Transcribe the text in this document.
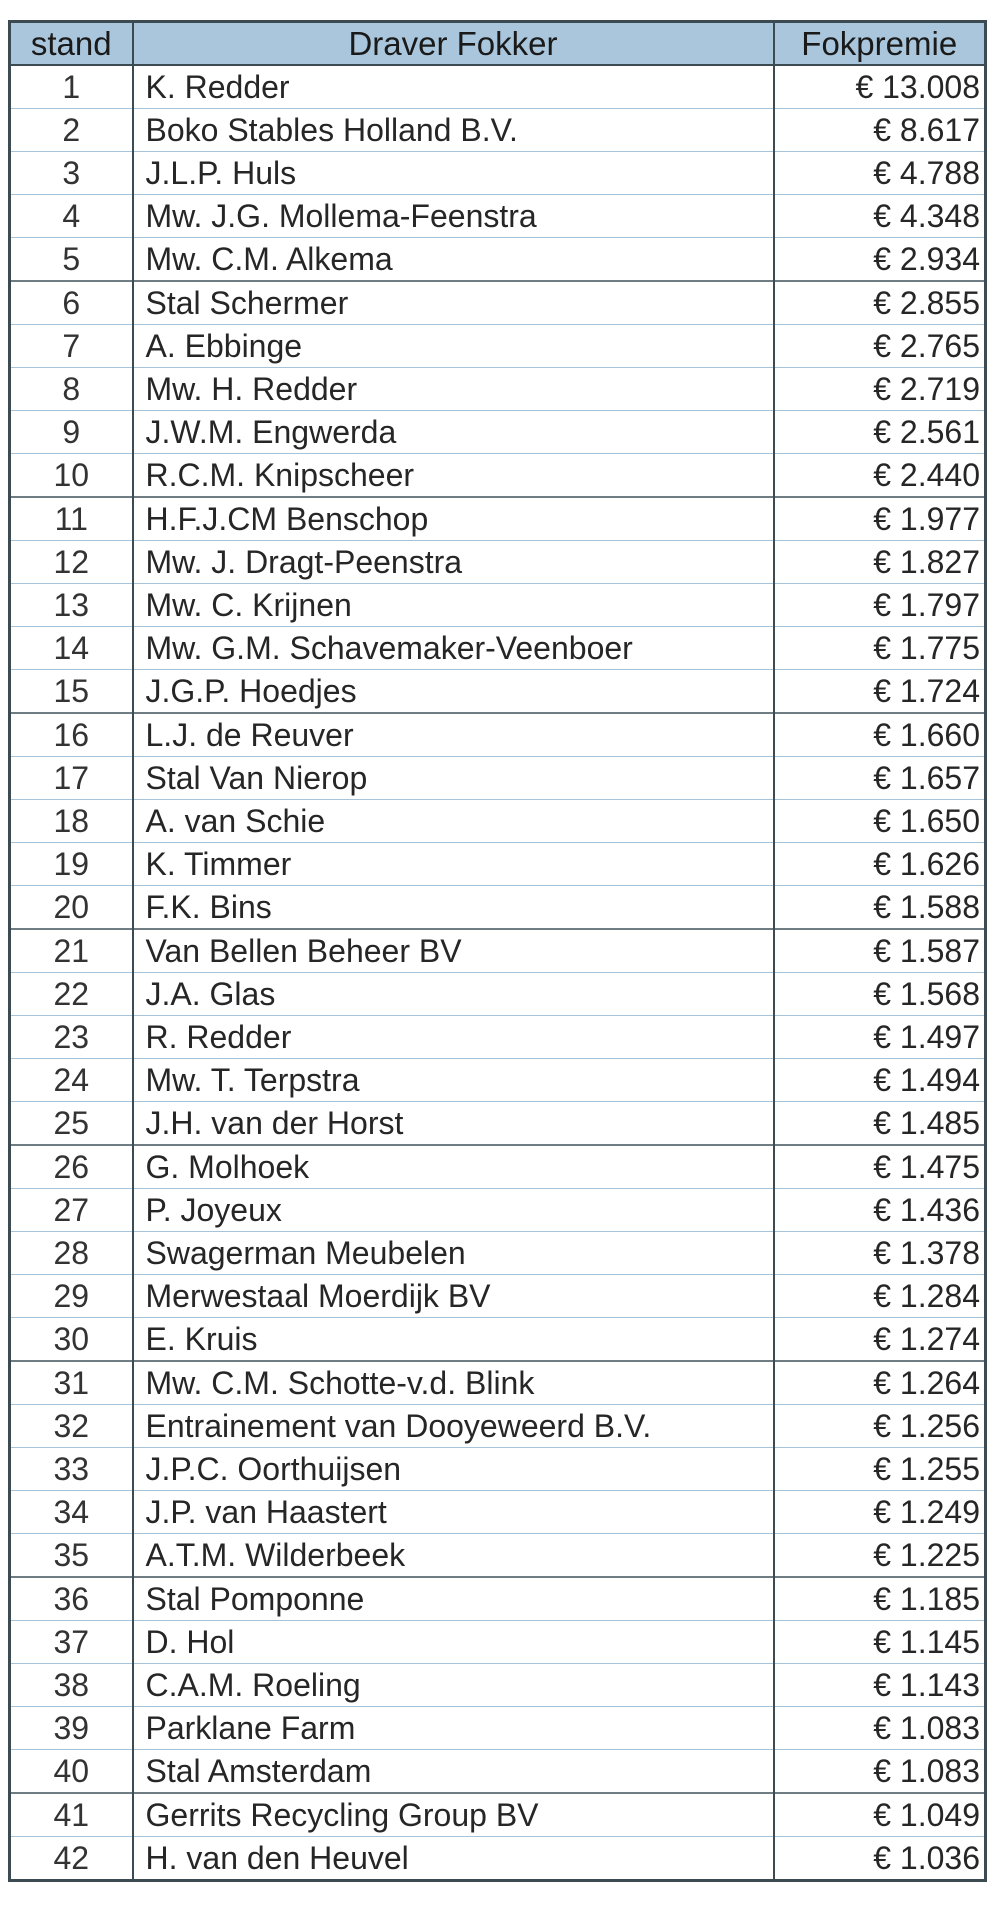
stand	Draver Fokker	Fokpremie
1	K. Redder	€ 13.008
2	Boko Stables Holland B.V.	€ 8.617
3	J.L.P. Huls	€ 4.788
4	Mw. J.G. Mollema-Feenstra	€ 4.348
5	Mw. C.M. Alkema	€ 2.934
6	Stal Schermer	€ 2.855
7	A. Ebbinge	€ 2.765
8	Mw. H. Redder	€ 2.719
9	J.W.M. Engwerda	€ 2.561
10	R.C.M. Knipscheer	€ 2.440
11	H.F.J.CM Benschop	€ 1.977
12	Mw. J. Dragt-Peenstra	€ 1.827
13	Mw. C. Krijnen	€ 1.797
14	Mw. G.M. Schavemaker-Veenboer	€ 1.775
15	J.G.P. Hoedjes	€ 1.724
16	L.J. de Reuver	€ 1.660
17	Stal Van Nierop	€ 1.657
18	A. van Schie	€ 1.650
19	K. Timmer	€ 1.626
20	F.K. Bins	€ 1.588
21	Van Bellen Beheer BV	€ 1.587
22	J.A. Glas	€ 1.568
23	R. Redder	€ 1.497
24	Mw. T. Terpstra	€ 1.494
25	J.H. van der Horst	€ 1.485
26	G. Molhoek	€ 1.475
27	P. Joyeux	€ 1.436
28	Swagerman Meubelen	€ 1.378
29	Merwestaal Moerdijk BV	€ 1.284
30	E. Kruis	€ 1.274
31	Mw. C.M. Schotte-v.d. Blink	€ 1.264
32	Entrainement van Dooyeweerd B.V.	€ 1.256
33	J.P.C. Oorthuijsen	€ 1.255
34	J.P. van Haastert	€ 1.249
35	A.T.M. Wilderbeek	€ 1.225
36	Stal Pomponne	€ 1.185
37	D. Hol	€ 1.145
38	C.A.M. Roeling	€ 1.143
39	Parklane Farm	€ 1.083
40	Stal Amsterdam	€ 1.083
41	Gerrits Recycling Group BV	€ 1.049
42	H. van den Heuvel	€ 1.036
